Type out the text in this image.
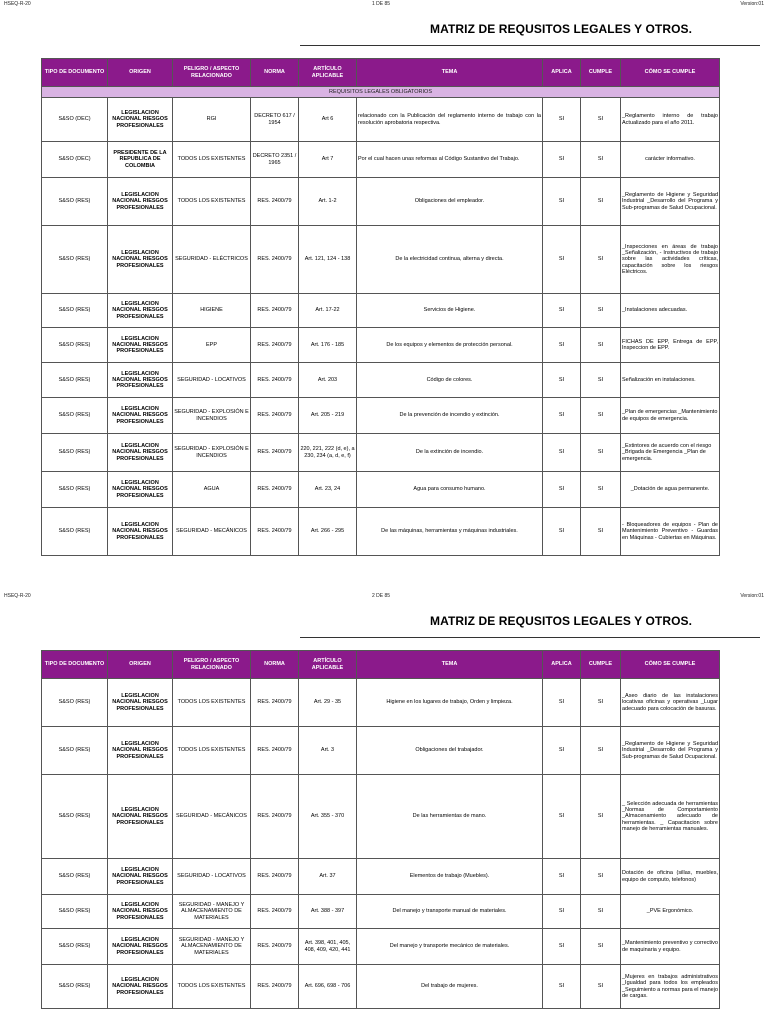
HSEQ-R-20	1 DE 85	Version:01
MATRIZ DE REQUSITOS LEGALES Y OTROS.
TIPO DE DOCUMENTO	ORIGEN	PELIGRO / ASPECTO RELACIONADO	NORMA	ARTÍCULO APLICABLE	TEMA	APLICA	CUMPLE	CÓMO SE CUMPLE
REQUISITOS LEGALES OBLIGATORIOS								
S&SO (DEC)	LEGISLACION NACIONAL RIESGOS PROFESIONALES	RGI	DECRETO 617 / 1954	Art 6	relacionado con la Publicación del reglamento interno de trabajo con la resolución aprobatoria respectiva.	SI	SI	_Reglamento interno de trabajo Actualizado para el año 2011.
S&SO (DEC)	PRESIDENTE DE LA REPUBLICA DE COLOMBIA	TODOS LOS EXISTENTES	DECRETO 2351 / 1965	Art 7	Por el cual hacen unas reformas al Código Sustantivo del Trabajo.	SI	SI	carácter informativo.
S&SO (RES)	LEGISLACION NACIONAL RIESGOS PROFESIONALES	TODOS LOS EXISTENTES	RES. 2400/79	Art. 1-2	Obligaciones del empleador.	SI	SI	_Reglamento de Higiene y Seguridad Industrial _Desarrollo del Programa y Sub-programas de Salud Ocupacional.
S&SO (RES)	LEGISLACION NACIONAL RIESGOS PROFESIONALES	SEGURIDAD - ELÉCTRICOS	RES. 2400/79	Art. 121, 124 - 138	De la electricidad continua, alterna y directa.	SI	SI	_Inspecciones en áreas de trabajo _Señalización, - Instructivos de trabajo sobre las actividades críticas, capacitación sobre los riesgos Eléctricos.
S&SO (RES)	LEGISLACION NACIONAL RIESGOS PROFESIONALES	HIGIENE	RES. 2400/79	Art. 17-22	Servicios de Higiene.	SI	SI	_Instalaciones adecuadas.
S&SO (RES)	LEGISLACION NACIONAL RIESGOS PROFESIONALES	EPP	RES. 2400/79	Art. 176 - 185	De los equipos y elementos de protección personal.	SI	SI	FICHAS DE EPP, Entrega de EPP, Inspeccion de EPP.
S&SO (RES)	LEGISLACION NACIONAL RIESGOS PROFESIONALES	SEGURIDAD - LOCATIVOS	RES. 2400/79	Art. 203	Código de colores.	SI	SI	Señalización en instalaciones.
S&SO (RES)	LEGISLACION NACIONAL RIESGOS PROFESIONALES	SEGURIDAD - EXPLOSIÓN E INCENDIOS	RES. 2400/79	Art. 205 - 219	De la prevención de incendio y extinción.	SI	SI	_Plan de emergencias _Mantenimiento de equipos de emergencia.
S&SO (RES)	LEGISLACION NACIONAL RIESGOS PROFESIONALES	SEGURIDAD - EXPLOSIÓN E INCENDIOS	RES. 2400/79	220, 221, 222 (d, e), a 230, 234 (a, d, e, f)	De la extinción de incendio.	SI	SI	_Extintores de acuerdo con el riesgo _Brigada de Emergencia _Plan de emergencia.
S&SO (RES)	LEGISLACION NACIONAL RIESGOS PROFESIONALES	AGUA	RES. 2400/79	Art. 23, 24	Agua para consumo humano.	SI	SI	_Dotación de agua permanente.
S&SO (RES)	LEGISLACION NACIONAL RIESGOS PROFESIONALES	SEGURIDAD - MECÁNICOS	RES. 2400/79	Art. 266 - 295	De las máquinas, herramientas y máquinas industriales.	SI	SI	- Bloqueadores de equipos - Plan de Mantenimiento Preventivo - Guardas en Máquinas - Cubiertas en Máquinas.
HSEQ-R-20	2 DE 85	Version:01
MATRIZ DE REQUSITOS LEGALES Y OTROS.
TIPO DE DOCUMENTO	ORIGEN	PELIGRO / ASPECTO RELACIONADO	NORMA	ARTÍCULO APLICABLE	TEMA	APLICA	CUMPLE	CÓMO SE CUMPLE
S&SO (RES)	LEGISLACION NACIONAL RIESGOS PROFESIONALES	TODOS LOS EXISTENTES	RES. 2400/79	Art. 29 - 35	Higiene en los lugares de trabajo, Orden y limpieza.	SI	SI	_Aseo diario de las instalaciones locativas oficinas y operativas _Lugar adecuado para colocación de basuras.
S&SO (RES)	LEGISLACION NACIONAL RIESGOS PROFESIONALES	TODOS LOS EXISTENTES	RES. 2400/79	Art. 3	Obligaciones del trabajador.	SI	SI	_Reglamento de Higiene y Seguridad Industrial _Desarrollo del Programa y Sub-programas de Salud Ocupacional.
S&SO (RES)	LEGISLACION NACIONAL RIESGOS PROFESIONALES	SEGURIDAD - MECÁNICOS	RES. 2400/79	Art. 355 - 370	De las herramientas de mano.	SI	SI	_ Selección adecuada de herramientas _Normas de Comportamiento _Almacenamiento adecuado de herramientas. _ Capacitacion sobre manejo de herramientas manuales.
S&SO (RES)	LEGISLACION NACIONAL RIESGOS PROFESIONALES	SEGURIDAD - LOCATIVOS	RES. 2400/79	Art. 37	Elementos de trabajo (Muebles).	SI	SI	Dotación de oficina (sillas, muebles, equipo de computo, telefonos)
S&SO (RES)	LEGISLACION NACIONAL RIESGOS PROFESIONALES	SEGURIDAD - MANEJO Y ALMACENAMIENTO DE MATERIALES	RES. 2400/79	Art. 388 - 397	Del manejo y transporte manual de materiales.	SI	SI	_PVE Ergonómico.
S&SO (RES)	LEGISLACION NACIONAL RIESGOS PROFESIONALES	SEGURIDAD - MANEJO Y ALMACENAMIENTO DE MATERIALES	RES. 2400/79	Art. 398, 401, 405, 408, 409, 420, 441	Del manejo y transporte mecánico de materiales.	SI	SI	_Mantenimiento preventivo y correctivo de maquinaria y equipo.
S&SO (RES)	LEGISLACION NACIONAL RIESGOS PROFESIONALES	TODOS LOS EXISTENTES	RES. 2400/79	Art. 696, 698 - 706	Del trabajo de mujeres.	SI	SI	_Mujeres en trabajos administrativos _Igualdad para todos los empleados _Seguimiento a normas para el manejo de cargas.
